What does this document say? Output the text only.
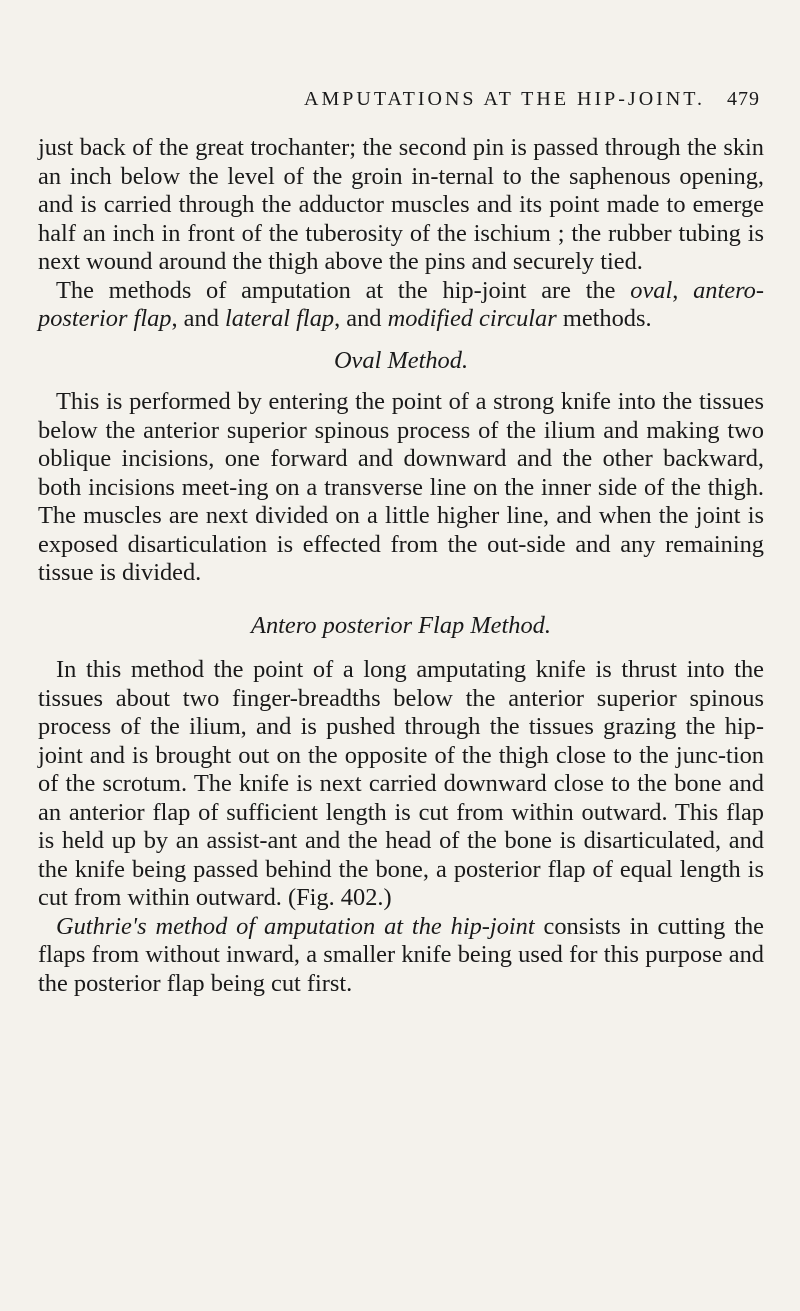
AMPUTATIONS AT THE HIP-JOINT. 479

just back of the great trochanter; the second pin is passed through the skin an inch below the level of the groin in-ternal to the saphenous opening, and is carried through the adductor muscles and its point made to emerge half an inch in front of the tuberosity of the ischium ; the rubber tubing is next wound around the thigh above the pins and securely tied.

The methods of amputation at the hip-joint are the oval, antero-posterior flap, and lateral flap, and modified circular methods.

Oval Method.

This is performed by entering the point of a strong knife into the tissues below the anterior superior spinous process of the ilium and making two oblique incisions, one forward and downward and the other backward, both incisions meet-ing on a transverse line on the inner side of the thigh. The muscles are next divided on a little higher line, and when the joint is exposed disarticulation is effected from the out-side and any remaining tissue is divided.

Antero posterior Flap Method.

In this method the point of a long amputating knife is thrust into the tissues about two finger-breadths below the anterior superior spinous process of the ilium, and is pushed through the tissues grazing the hip-joint and is brought out on the opposite of the thigh close to the junc-tion of the scrotum. The knife is next carried downward close to the bone and an anterior flap of sufficient length is cut from within outward. This flap is held up by an assist-ant and the head of the bone is disarticulated, and the knife being passed behind the bone, a posterior flap of equal length is cut from within outward. (Fig. 402.)

Guthrie's method of amputation at the hip-joint consists in cutting the flaps from without inward, a smaller knife being used for this purpose and the posterior flap being cut first.
